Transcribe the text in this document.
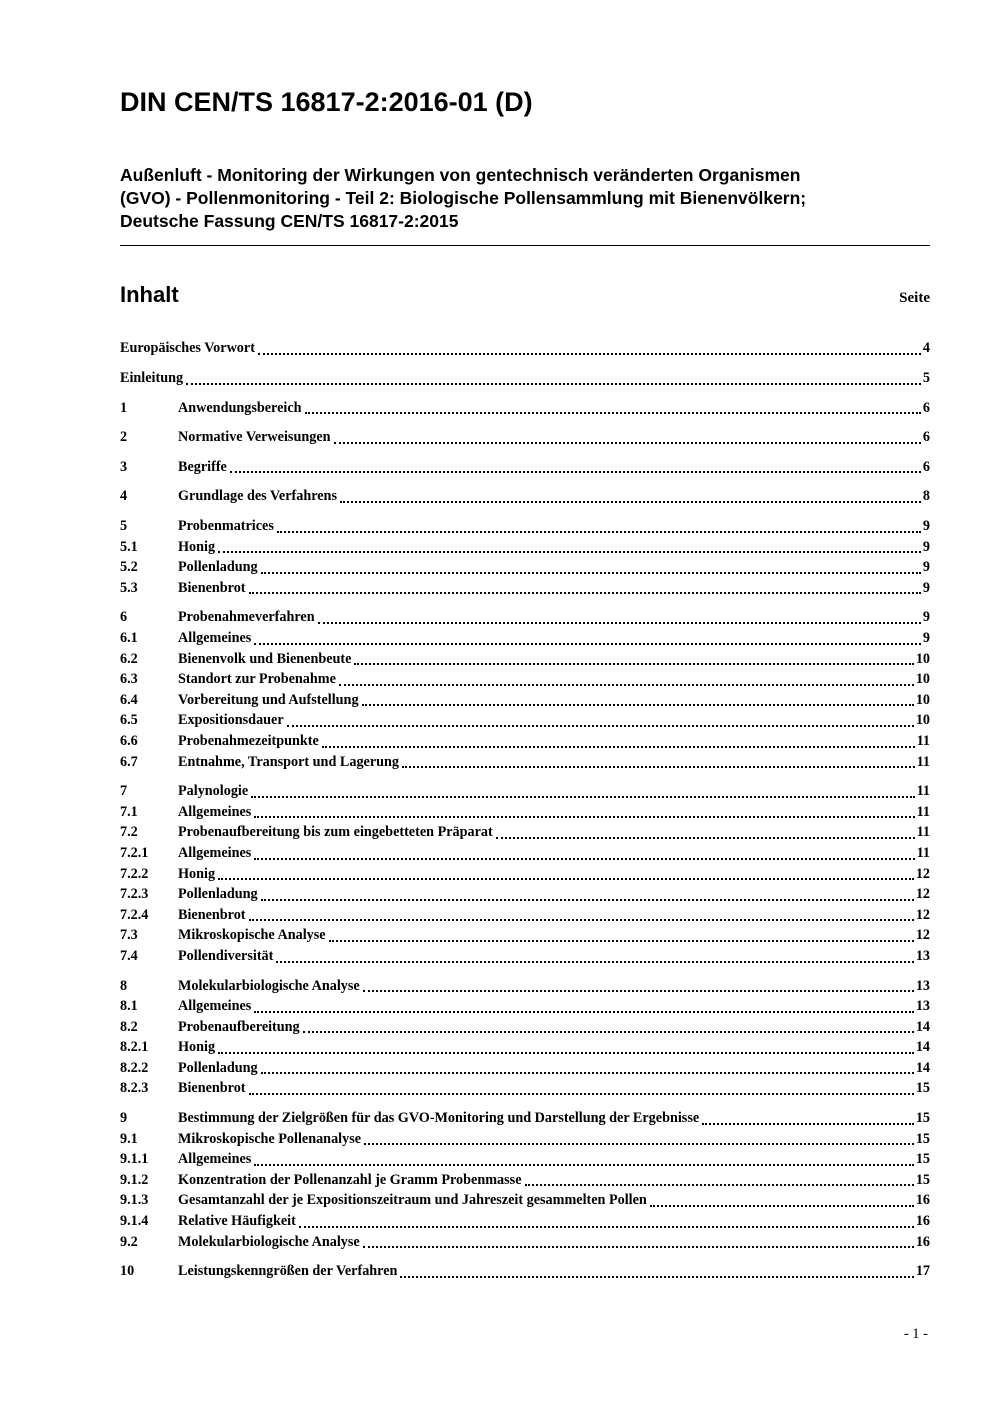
DIN CEN/TS 16817-2:2016-01 (D)
Außenluft - Monitoring der Wirkungen von gentechnisch veränderten Organismen
(GVO) - Pollenmonitoring - Teil 2: Biologische Pollensammlung mit Bienenvölkern;
Deutsche Fassung CEN/TS 16817-2:2015
Inhalt	Seite
Europäisches Vorwort	4
Einleitung	5
1	Anwendungsbereich	6
2	Normative Verweisungen	6
3	Begriffe	6
4	Grundlage des Verfahrens	8
5	Probenmatrices	9
5.1	Honig	9
5.2	Pollenladung	9
5.3	Bienenbrot	9
6	Probenahmeverfahren	9
6.1	Allgemeines	9
6.2	Bienenvolk und Bienenbeute	10
6.3	Standort zur Probenahme	10
6.4	Vorbereitung und Aufstellung	10
6.5	Expositionsdauer	10
6.6	Probenahmezeitpunkte	11
6.7	Entnahme, Transport und Lagerung	11
7	Palynologie	11
7.1	Allgemeines	11
7.2	Probenaufbereitung bis zum eingebetteten Präparat	11
7.2.1	Allgemeines	11
7.2.2	Honig	12
7.2.3	Pollenladung	12
7.2.4	Bienenbrot	12
7.3	Mikroskopische Analyse	12
7.4	Pollendiversität	13
8	Molekularbiologische Analyse	13
8.1	Allgemeines	13
8.2	Probenaufbereitung	14
8.2.1	Honig	14
8.2.2	Pollenladung	14
8.2.3	Bienenbrot	15
9	Bestimmung der Zielgrößen für das GVO-Monitoring und Darstellung der Ergebnisse	15
9.1	Mikroskopische Pollenanalyse	15
9.1.1	Allgemeines	15
9.1.2	Konzentration der Pollenanzahl je Gramm Probenmasse	15
9.1.3	Gesamtanzahl der je Expositionszeitraum und Jahreszeit gesammelten Pollen	16
9.1.4	Relative Häufigkeit	16
9.2	Molekularbiologische Analyse	16
10	Leistungskenngrößen der Verfahren	17
- 1 -
